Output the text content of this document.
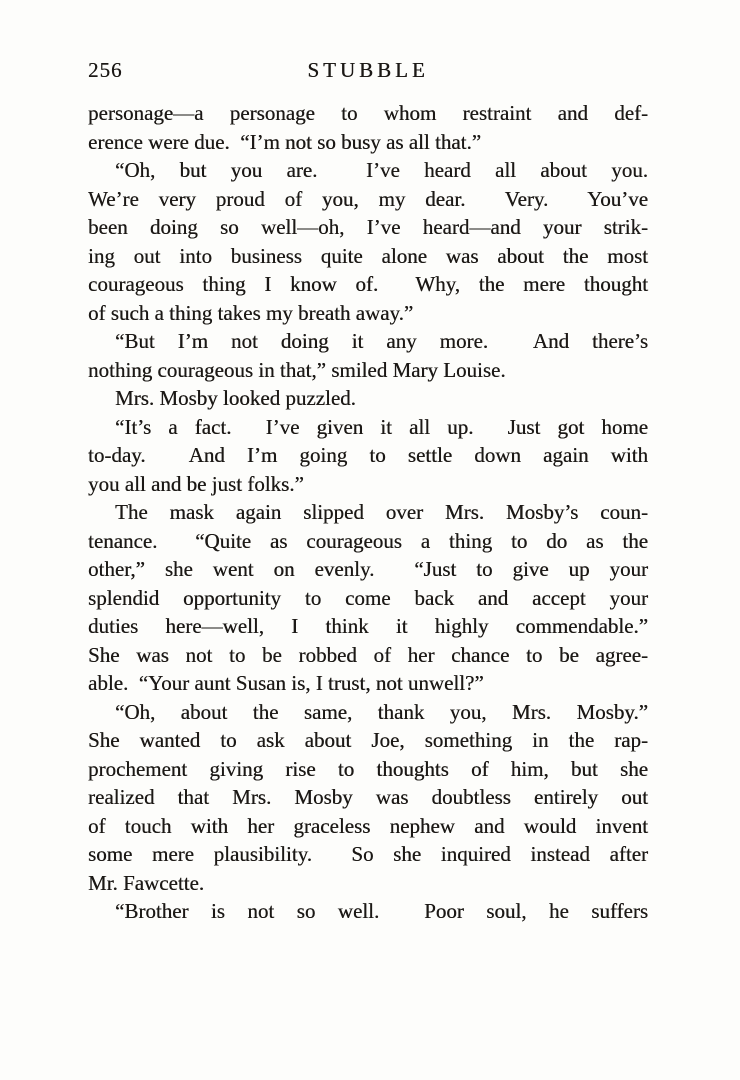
256	STUBBLE
personage—a personage to whom restraint and def-
erence were due.  “I’m not so busy as all that.”
“Oh, but you are.  I’ve heard all about you.
We’re very proud of you, my dear.  Very.  You’ve
been doing so well—oh, I’ve heard—and your strik-
ing out into business quite alone was about the most
courageous thing I know of.  Why, the mere thought
of such a thing takes my breath away.”
“But I’m not doing it any more.  And there’s
nothing courageous in that,” smiled Mary Louise.
Mrs. Mosby looked puzzled.
“It’s a fact.  I’ve given it all up.  Just got home
to-day.  And I’m going to settle down again with
you all and be just folks.”
The mask again slipped over Mrs. Mosby’s coun-
tenance.  “Quite as courageous a thing to do as the
other,” she went on evenly.  “Just to give up your
splendid opportunity to come back and accept your
duties here—well, I think it highly commendable.”
She was not to be robbed of her chance to be agree-
able.  “Your aunt Susan is, I trust, not unwell?”
“Oh, about the same, thank you, Mrs. Mosby.”
She wanted to ask about Joe, something in the rap-
prochement giving rise to thoughts of him, but she
realized that Mrs. Mosby was doubtless entirely out
of touch with her graceless nephew and would invent
some mere plausibility.  So she inquired instead after
Mr. Fawcette.
“Brother is not so well.  Poor soul, he suffers
